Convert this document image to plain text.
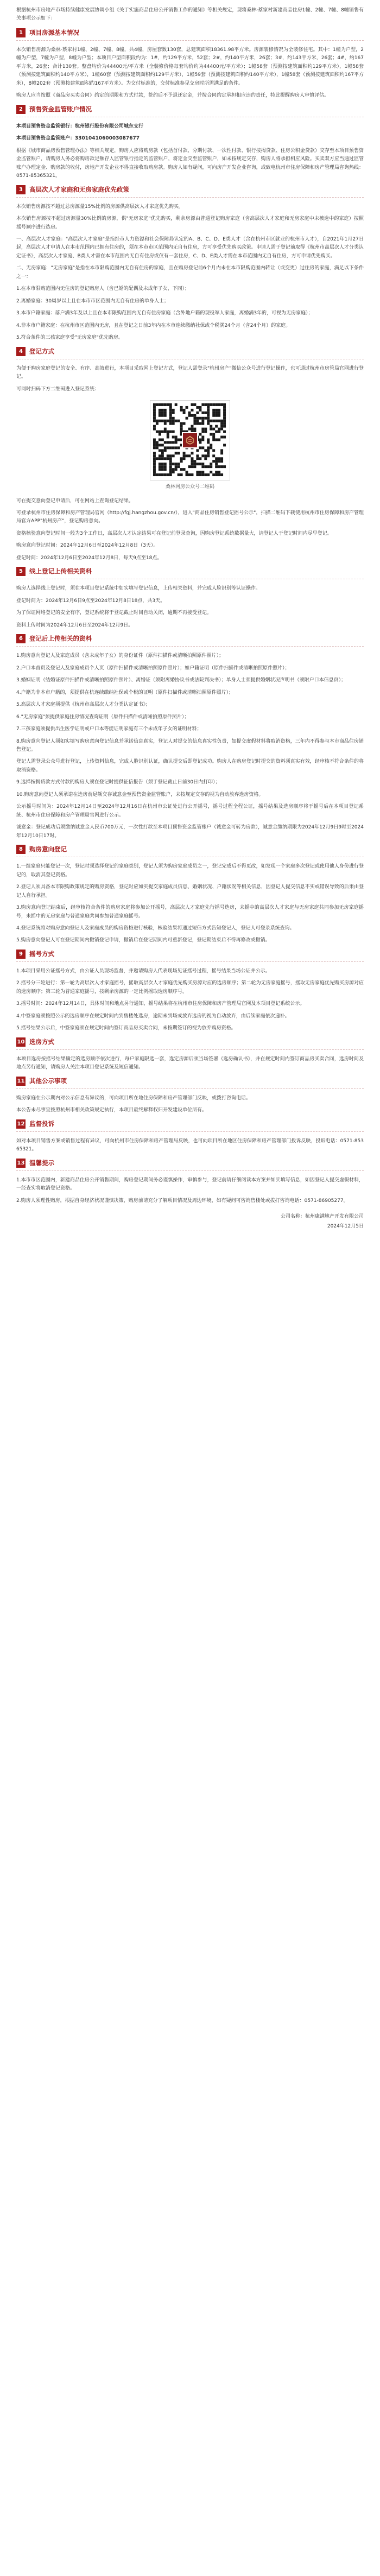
根据杭州市房地产市场持续健康发展协调小组《关于实施商品住房公开销售工作的通知》等相关规定，现将桑林·蔡家村新建商品住房1幢、2幢、7幢、8幢销售有关事项公示如下：

1	项目房源基本情况

本次销售房源为桑林·蔡家村1幢、2幢、7幢、8幢，共4幢，房屋套数130套，总建筑面积18361.98平方米。房源装修情况为全装修住宅。其中：1幢为户型，2幢为户型，7幢为户型，8幢为户型；本项目户型面积段约为：1#，约129平方米，52套；2#，约140平方米，26套；3#，约143平方米，26套；4#，约167平方米，26套；合计130套。整盘均价为44400元/平方米（全装修价格每套均价约为44400元/平方米）；1幢58套（预测按建筑面积约129平方米），1幢58套（预测按建筑面积约140平方米），1幢60套（预测按建筑面积约129平方米），1幢59套（预测按建筑面积约140平方米），1幢58套（预测按建筑面积约167平方米），8幢202套（预测按建筑面积约167平方米）。为交付标准的，交付标准参见交房时所需满足的条件。

购房人应当按照《商品房买卖合同》约定的期限和方式付款，签约后不予退还定金，并按合同约定承担相应违约责任，特此提醒购房人审慎评估。

2	预售资金监管账户情况

本项目预售资金监管银行：杭州银行股份有限公司城东支行

本项目预售资金监管账户：3301041060003087677

根据《城市商品房预售管理办法》等相关规定，购房人应将购房款（包括首付款、分期付款、一次性付款、银行按揭贷款、住房公积金贷款）交存至本项目预售资金监管账户，请购房人务必将购房款足额存入监管银行指定的监管账户，将定金交至监管账户，如未按规定交存，购房人将承担相应风险。买卖双方应当通过监管账户办理定金、购房款的收付，房地产开发企业不得直接收取购房款。购房人如有疑问，可向房产开发企业咨询，或致电杭州市住房保障和房产管理局咨询热线：0571-85365321。

3	高层次人才家庭和无房家庭优先政策

本次销售房源按不超过总房源量15%比例的房源供高层次人才家庭优先购买。

本次销售房源按不超过房源量30%比例的房源，供"无房家庭"优先购买，剩余房源由普通登记购房家庭（含高层次人才家庭和无房家庭中未被选中的家庭）按照摇号顺序进行选房。

一、高层次人才家庭："高层次人才家庭"是指经市人力资源和社会保障局认定的A、B、C、D、E类人才（含在杭州市区就业的杭州市人才），自2021年1月27日起，高层次人才申请人在本市范围内已拥有住房的，须在本市市区范围内无自有住房，方可享受优先购买政策。申请人需于登记前取得《杭州市高层次人才分类认定证书》，高层次人才家庭、B类人才需在本市范围内无自有住房或仅有一套住房，C、D、E类人才需在本市范围内无自有住房，方可申请优先购买。

二、无房家庭："无房家庭"是指在本市限购范围内无自有住房的家庭，且在购房登记前6个月内未在本市限购范围内转让（或变更）过住房的家庭，满足以下条件之一：

1.在本市限购范围内无住房的登记购房人（含已婚的配偶及未成年子女，下同）；

2.离婚家庭：30周岁以上且在本市市区范围内无自有住房的单身人士；

3.本市户籍家庭：落户满3年及以上且在本市限购范围内无自有住房家庭（含外地户籍的现役军人家庭，离婚满3年的，可视为无房家庭）；

4.非本市户籍家庭：在杭州市区范围内无房，且在登记之日前3年内在本市连续缴纳社保或个税满24个月（含24个月）的家庭。

5.符合条件的三孩家庭享受"无房家庭"优先购房。

4	登记方式

为便于购房家庭登记的安全、有序、高效进行，本项目采取网上登记方式，登记人需登录"杭州房产"微信公众号进行登记操作，也可通过杭州市房管局官网进行登记。

可同时扫码下方二维码进入登记系统：

桑林网房公众号二维码

可在提交意向登记申请后，可在网站上查询登记结果。

可登录杭州市住房保障和房产管理局官网（http://fgj.hangzhou.gov.cn/），进入"商品住房销售登记摇号公示"，扫描二维码下载使用杭州市住房保障和房产管理局官方APP"杭州房产"，登记购房意向。

资格核验意向登记时间一般为3个工作日，高层次人才认定结果可在登记前登录查询，因购房登记系统数据量大，请登记人于登记时间内尽早登记。

购房意向登记时间：2024年12月6日至2024年12月8日（3天）。

登记时间：2024年12月6日至2024年12月8日，每天9点至18点。

5	线上登记上传相关资料

购房人选择线上登记时，须在本项目登记系统中如实填写登记信息，上传相关资料，并完成人脸识别等认证操作。

登记时间为：2024年12月6日9点至2024年12月8日18点，共3天。

为了保证网络登记的安全有序，登记系统将于登记截止时间自动关闭，逾期不再接受登记。

资料上传时间为2024年12月6日至2024年12月9日。

6	登记后上传相关的资料

1.购房意向登记人及家庭成员（含未成年子女）的身份证件（原件扫描件或清晰拍照原件照片）；

2.户口本首页及登记人及家庭成员个人页（原件扫描件或清晰拍照原件照片）；如户籍证明（原件扫描件或清晰拍照原件照片）；

3.婚姻证明（结婚证原件扫描件或清晰拍照原件照片）、离婚证（须附离婚协议书或法院判决书）；单身人士须提供婚姻状况声明书（须附户口本信息页）；

4.户籍为非本市户籍的，须提供在杭连续缴纳社保或个税的证明（原件扫描件或清晰拍照原件照片）；

5.高层次人才家庭须提供《杭州市高层次人才分类认定证书》；

6."无房家庭"须提供家庭住房情况查询证明（原件扫描件或清晰拍照原件照片）；

7.三孩家庭须提供出生医学证明或户口本等能证明家庭有三个未成年子女的证明材料；

8.购房意向登记人须如实填写购房意向登记信息并承诺信息真实，登记人对提交的信息真实性负责，如提交虚假材料将取消资格，三年内不得参与本市商品住房销售登记。

登记人需登录公众号进行登记，上传资料信息，完成人脸识别认证，确认提交后即登记成功。购房人在购房登记时提交的资料须真实有效，经审核不符合条件的将取消资格。

9.选择按揭贷款方式付款的购房人须在登记时提供征信报告（须于登记截止日前30日内打印）；

10.购房意向登记人须承诺在选房前足额交存诚意金至预售资金监管账户，未按规定交存的视为自动放弃选房资格。

公示摇号时间为：2024年12月14日至2024年12月16日在杭州市公证处进行公开摇号，摇号过程全程公证，摇号结果及选房顺序将于摇号后在本项目登记系统、杭州市住房保障和房产管理局官网进行公示。

诚意金：登记成功后须缴纳诚意金人民币700万元，一次性打款至本项目预售资金监管账户（诚意金可转为房款），诚意金缴纳期限为2024年12月9日9时至2024年12月10日17时。

8	购房意向登记

1.一组家庭只能登记一次，登记时须选择登记的家庭类别，登记人须为购房家庭成员之一，登记完成后不得更改，如发现一个家庭多次登记或使用他人身份进行登记的，取消其登记资格。

2.登记人须具备本市限购政策规定的购房资格，登记时应如实提交家庭成员信息、婚姻状况、户籍状况等相关信息，因登记人提交信息不实或错误导致的后果由登记人自行承担。

3.购房意向登记结束后，经审核符合条件的购房家庭将参加公开摇号，高层次人才家庭先行摇号选房，未摇中的高层次人才家庭与无房家庭共同参加无房家庭摇号，未摇中的无房家庭与普通家庭共同参加普通家庭摇号。

4.登记系统将对购房意向登记人及家庭成员的购房资格进行核验，核验结果将通过短信方式告知登记人，登记人可登录系统查询。

5.购房意向登记人可在登记期间内撤销登记申请，撤销后在登记期间内可重新登记，登记期结束后不得再修改或撤销。

9	摇号方式

1.本项目采用公证摇号方式，由公证人员现场监督，并邀请购房人代表现场见证摇号过程，摇号结果当场公证并公示。

2.摇号分三轮进行：第一轮为高层次人才家庭摇号，摇取高层次人才家庭优先购买房源对应的选房顺序；第二轮为无房家庭摇号，摇取无房家庭优先购买房源对应的选房顺序；第三轮为普通家庭摇号，按剩余房源的一定比例摇取选房顺序号。

3.摇号时间：2024年12月14日，具体时间和地点另行通知，摇号结果将在杭州市住房保障和房产管理局官网及本项目登记系统公示。

4.中签家庭须按照公示的选房顺序在规定时间内到售楼处选房，逾期未到场或放弃选房的视为自动放弃，由后续家庭依次递补。

5.摇号结果公示后，中签家庭须在规定时间内签订商品房买卖合同，未按期签订的视为放弃购房资格。

10 选房方式

本项目选房按摇号结果确定的选房顺序依次进行，每户家庭限选一套，选定房源后须当场签署《选房确认书》，并在规定时间内签订商品房买卖合同，选房时间及地点另行通知，请购房人关注本项目登记系统及短信通知。

11 其他公示事项

购房家庭在公示期内对公示信息有异议的，可向项目所在地住房保障和房产管理部门反映，或拨打咨询电话。

本公告未尽事宜按照杭州市相关政策规定执行，本项目最终解释权归开发建设单位所有。

12 监督投诉

如对本项目销售方案或销售过程有异议，可向杭州市住房保障和房产管理局反映，也可向项目所在地区住房保障和房产管理部门投诉反映，投诉电话：0571-85365321。

13 温馨提示

1.本市市区范围内，新建商品住房公开销售期间，购房登记期间务必谨慎操作，审慎参与，登记前请仔细阅读本方案并如实填写信息，如因登记人提交虚假材料，一经查实将取消登记资格。

2.购房人须理性购房，根据自身经济状况谨慎决策，购房前请充分了解项目情况及周边环境，如有疑问可咨询售楼处或拨打咨询电话：0571-86905277。

公司名称：杭州康满地产开发有限公司

2024年12月5日
